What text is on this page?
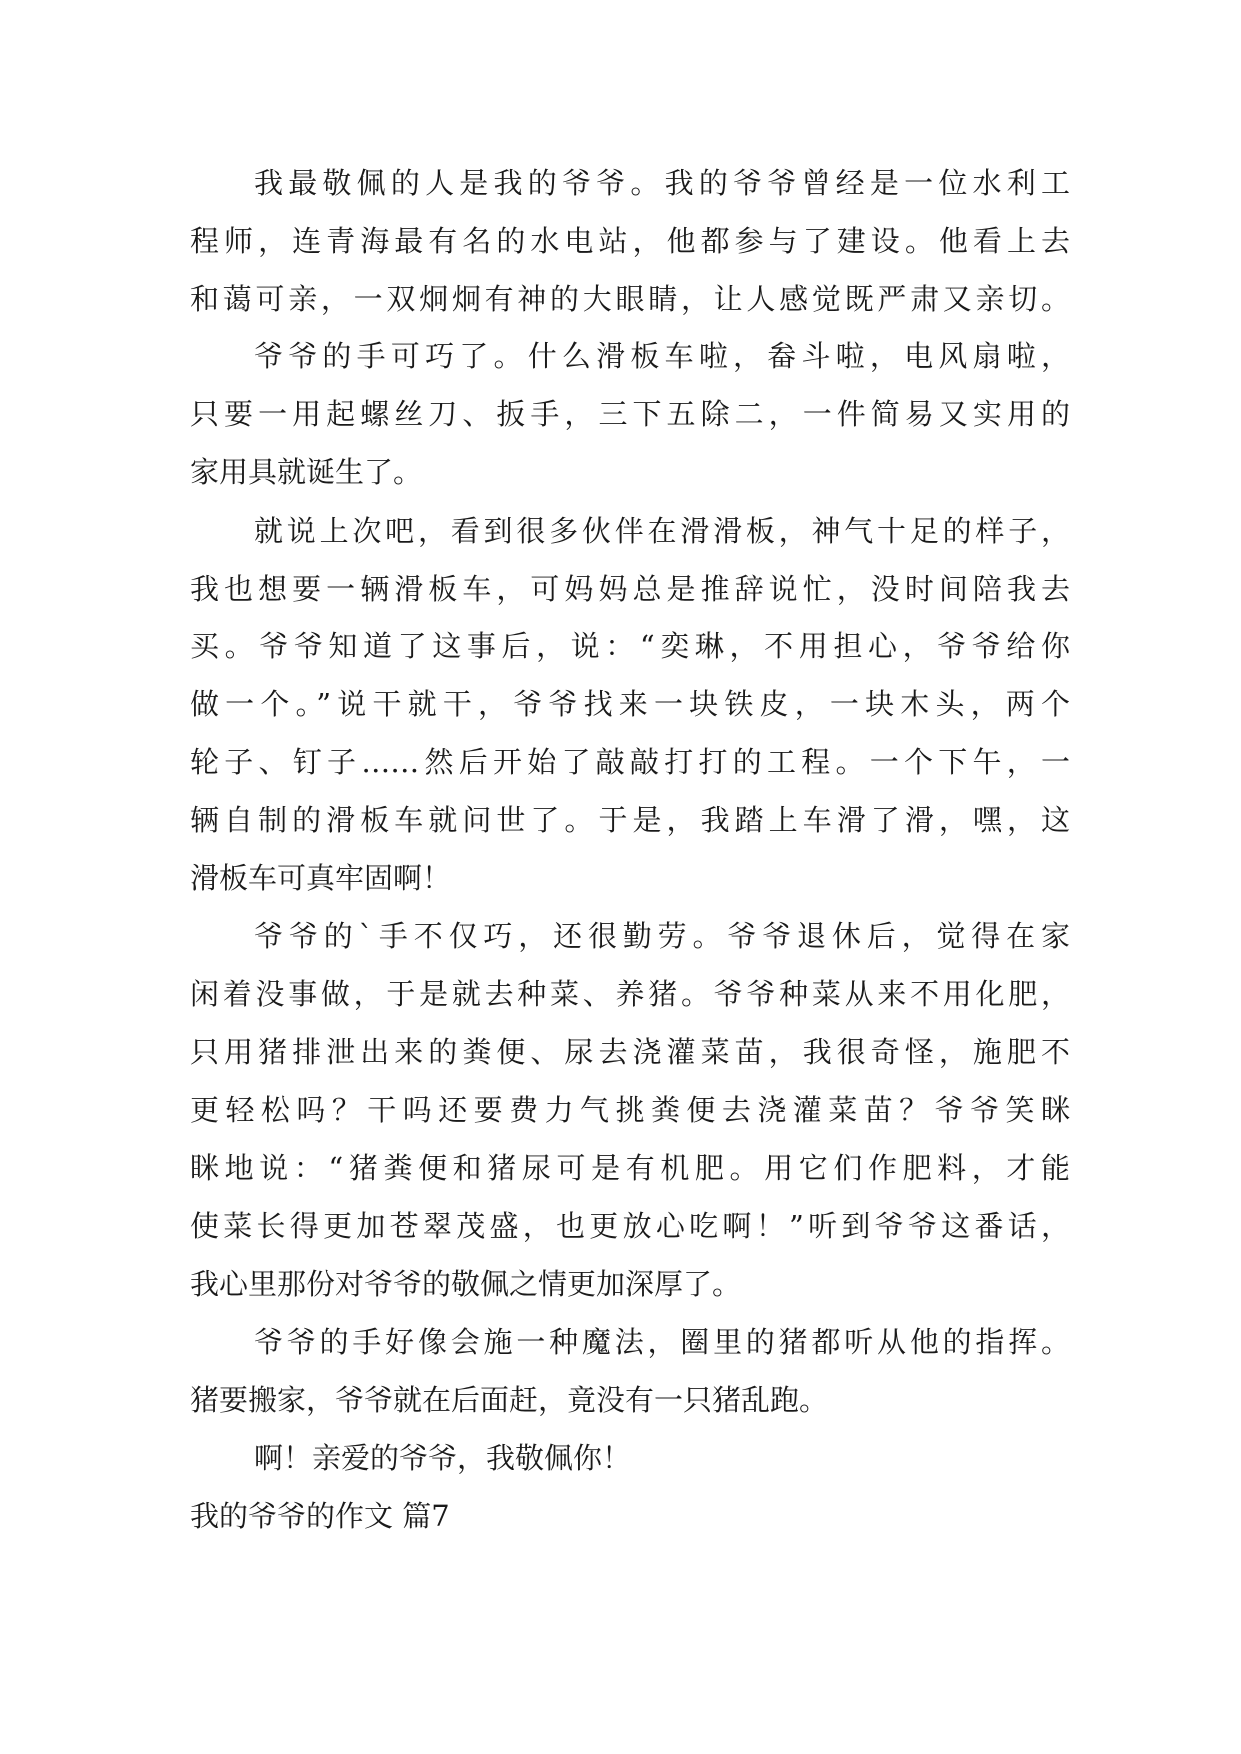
我最敬佩的人是我的爷爷。我的爷爷曾经是一位水利工

程师，连青海最有名的水电站，他都参与了建设。他看上去

和蔼可亲，一双炯炯有神的大眼睛，让人感觉既严肃又亲切。

爷爷的手可巧了。什么滑板车啦，畚斗啦，电风扇啦，

只要一用起螺丝刀、扳手，三下五除二，一件简易又实用的

家用具就诞生了。

就说上次吧，看到很多伙伴在滑滑板，神气十足的样子，

我也想要一辆滑板车，可妈妈总是推辞说忙，没时间陪我去

买。爷爷知道了这事后，说：“奕琳，不用担心，爷爷给你

做一个。”说干就干，爷爷找来一块铁皮，一块木头，两个

轮子、钉子……然后开始了敲敲打打的工程。一个下午，一

辆自制的滑板车就问世了。于是，我踏上车滑了滑，嘿，这

滑板车可真牢固啊！

爷爷的`手不仅巧，还很勤劳。爷爷退休后，觉得在家

闲着没事做，于是就去种菜、养猪。爷爷种菜从来不用化肥，

只用猪排泄出来的粪便、尿去浇灌菜苗，我很奇怪，施肥不

更轻松吗？干吗还要费力气挑粪便去浇灌菜苗？爷爷笑眯

眯地说：“猪粪便和猪尿可是有机肥。用它们作肥料，才能

使菜长得更加苍翠茂盛，也更放心吃啊！”听到爷爷这番话，

我心里那份对爷爷的敬佩之情更加深厚了。

爷爷的手好像会施一种魔法，圈里的猪都听从他的指挥。

猪要搬家，爷爷就在后面赶，竟没有一只猪乱跑。

啊！亲爱的爷爷，我敬佩你！

我的爷爷的作文 篇7
